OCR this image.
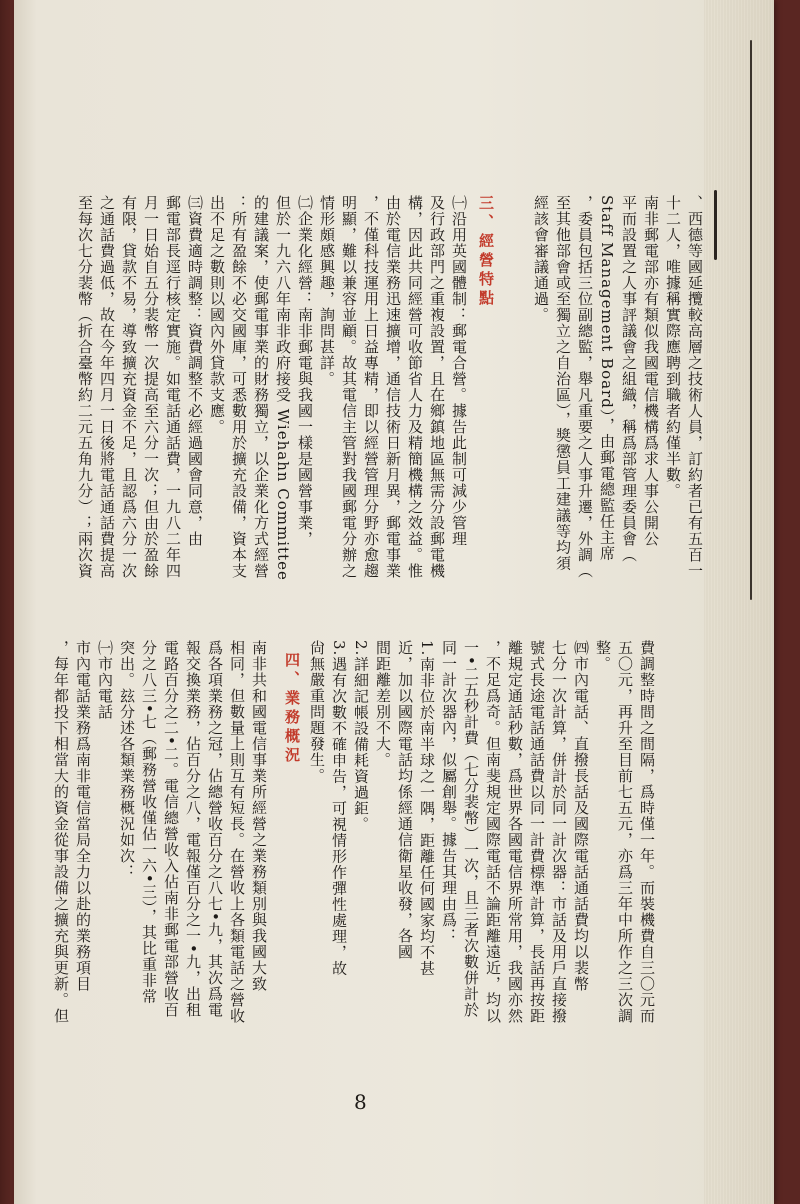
、西德等國延攬較高層之技術人員，訂約者已有五百一
十二人，唯據稱實際應聘到職者約僅半數。
南非郵電部亦有類似我國電信機構爲求人事公開公
平而設置之人事評議會之組織，稱爲部管理委員會（
Staff Management Board），由郵電總監任主席
，委員包括三位副總監，舉凡重要之人事升遷，外調（
至其他部會或至獨立之自治區），獎懲員工建議等均須
經該會審議通過。
三、經營特點
㈠沿用英國體制：郵電合營。據告此制可減少管理
及行政部門之重複設置，且在鄉鎮地區無需分設郵電機
構，因此共同經營可收節省人力及精簡機構之效益。惟
由於電信業務迅速擴增，通信技術日新月異，郵電事業
，不僅科技運用上日益專精，即以經營管理分野亦愈趨
明顯，難以兼容並顧。故其電信主管對我國郵電分辦之
情形頗感興趣，詢問甚詳。
㈡企業化經營：南非郵電與我國一樣是國營事業，
但於一九六八年南非政府接受 Wiehahn Committee
的建議案，使郵電事業的財務獨立，以企業化方式經營
：所有盈餘不必交國庫，可悉數用於擴充設備，資本支
出不足之數則以國內外貸款支應。
㈢資費適時調整：資費調整不必經過國會同意，由
郵電部長逕行核定實施。如電話通話費，一九八二年四
月一日始自五分裴幣一次提高至六分一次；但由於盈餘
有限，貸款不易，導致擴充資金不足，且認爲六分一次
之通話費過低，故在今年四月一日後將電話通話費提高
至每次七分裴幣（折合臺幣約二元五角九分）；兩次資
費調整時間之間隔，爲時僅一年。而裝機費自三〇元而
五〇元，再升至目前七五元，亦爲三年中所作之三次調
整。
㈣市內電話、直撥長話及國際電話通話費均以裴幣
七分一次計算，併計於同一計次器：市話及用戶直接撥
號式長途電話通話費以同一計費標準計算，長話再按距
離規定通話秒數，爲世界各國電信界所常用，我國亦然
，不足爲奇。但南斐規定國際電話不論距離遠近，均以
一•二五秒計費（七分裴幣）一次，且三者次數併計於
同一計次器內，似屬創舉。據告其理由爲：
1.南非位於南半球之一隅，距離任何國家均不甚
近，加以國際電話均係經通信衛星收發，各國
間距離差別不大。
2.詳細記帳設備耗資過鉅。
3.遇有次數不確申告，可視情形作彈性處理，故
尙無嚴重問題發生。
四、業務概況
南非共和國電信事業所經營之業務類別與我國大致
相同，但數量上則互有短長。在營收上各類電話之營收
爲各項業務之冠，佔總營收百分之八七•九，其次爲電
報交換業務，佔百分之八，電報僅百分之一•九，出租
電路百分之二•二。電信總營收入佔南非郵電部營收百
分之八三•七（郵務營收僅佔一六•三），其比重非常
突出。玆分述各類業務概況如次：
㈠市內電話
市內電話業務爲南非電信當局全力以赴的業務項目
，每年都投下相當大的資金從事設備之擴充與更新。但
8
